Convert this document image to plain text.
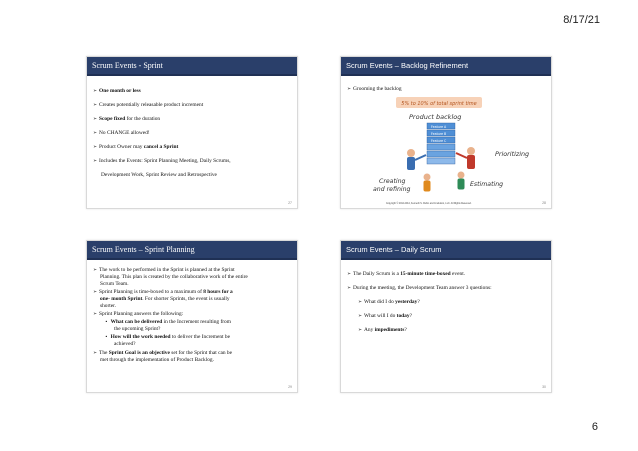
8/17/21
Scrum Events - Sprint
➢ One month or less
➢ Creates potentially releasable product increment
➢ Scope fixed for the duration
➢ No CHANGE allowed!
➢ Product Owner may cancel a Sprint
➢ Includes the Events: Sprint Planning Meeting, Daily Scrums,
Development Work, Sprint Review and Retrospective
27
Scrum Events – Backlog Refinement
➢ Grooming the backlog
5% to 10% of total sprint time
Product backlog
Feature A
Feature B
Feature C
Prioritizing
Creating
and refining
Estimating
Copyright © 2012-2014, Kenneth S. Rubin and Innolution, LLC. All Rights Reserved.	28
Scrum Events – Sprint Planning
➢ The work to be performed in the Sprint is planned at the Sprint
Planning. This plan is created by the collaborative work of the entire
Scrum Team.
➢ Sprint Planning is time-boxed to a maximum of 8 hours for a
one- month Sprint. For shorter Sprints, the event is usually
shorter.
➢ Sprint Planning answers the following:
• What can be delivered in the Increment resulting from
the upcoming Sprint?
• How will the work needed to deliver the Increment be
achieved?
➢ The Sprint Goal is an objective set for the Sprint that can be
met through the implementation of Product Backlog.
29
Scrum Events – Daily Scrum
➢ The Daily Scrum is a 15-minute time-boxed event.
➢ During the meeting, the Development Team answer 3 questions:
➢ What did I do yesterday?
➢ What will I do today?
➢ Any impediments?
30
6
